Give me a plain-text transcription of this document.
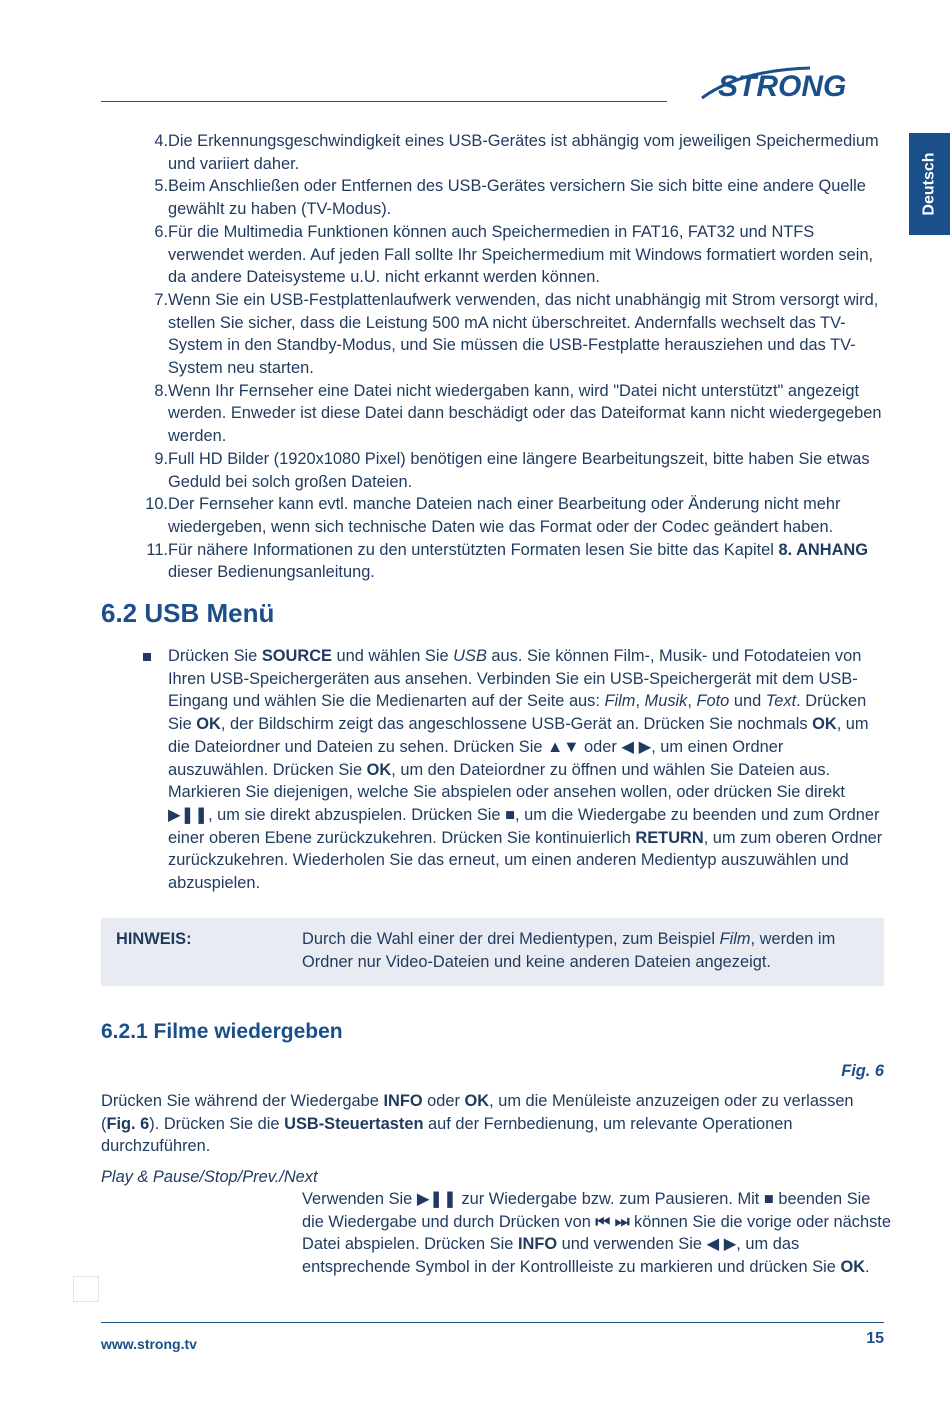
STRONG
Deutsch
4. Die Erkennungsgeschwindigkeit eines USB-Gerätes ist abhängig vom jeweiligen Speichermedium und variiert daher.
5. Beim Anschließen oder Entfernen des USB-Gerätes versichern Sie sich bitte eine andere Quelle gewählt zu haben (TV-Modus).
6. Für die Multimedia Funktionen können auch Speichermedien in FAT16, FAT32 und NTFS verwendet werden. Auf jeden Fall sollte Ihr Speichermedium mit Windows formatiert worden sein, da andere Dateisysteme u.U. nicht erkannt werden können.
7. Wenn Sie ein USB-Festplattenlaufwerk verwenden, das nicht unabhängig mit Strom versorgt wird, stellen Sie sicher, dass die Leistung 500 mA nicht überschreitet. Andernfalls wechselt das TV-System in den Standby-Modus, und Sie müssen die USB-Festplatte herausziehen und das TV-System neu starten.
8. Wenn Ihr Fernseher eine Datei nicht wiedergaben kann, wird "Datei nicht unterstützt" angezeigt werden. Enweder ist diese Datei dann beschädigt oder das Dateiformat kann nicht wiedergegeben werden.
9. Full HD Bilder (1920x1080 Pixel) benötigen eine längere Bearbeitungszeit, bitte haben Sie etwas Geduld bei solch großen Dateien.
10. Der Fernseher kann evtl. manche Dateien nach einer Bearbeitung oder Änderung nicht mehr wiedergeben, wenn sich technische Daten wie das Format oder der Codec geändert haben.
11. Für nähere Informationen zu den unterstützten Formaten lesen Sie bitte das Kapitel 8. ANHANG dieser Bedienungsanleitung.
6.2 USB Menü
Drücken Sie SOURCE und wählen Sie USB aus. Sie können Film-, Musik- und Fotodateien von Ihren USB-Speichergeräten aus ansehen. Verbinden Sie ein USB-Speichergerät mit dem USB-Eingang und wählen Sie die Medienarten auf der Seite aus: Film, Musik, Foto und Text. Drücken Sie OK, der Bildschirm zeigt das angeschlossene USB-Gerät an. Drücken Sie nochmals OK, um die Dateiordner und Dateien zu sehen. Drücken Sie ▲▼ oder ◀ ▶, um einen Ordner auszuwählen. Drücken Sie OK, um den Dateiordner zu öffnen und wählen Sie Dateien aus. Markieren Sie diejenigen, welche Sie abspielen oder ansehen wollen, oder drücken Sie direkt ▶❚❚, um sie direkt abzuspielen. Drücken Sie ■, um die Wiedergabe zu beenden und zum Ordner einer oberen Ebene zurückzukehren. Drücken Sie kontinuierlich RETURN, um zum oberen Ordner zurückzukehren. Wiederholen Sie das erneut, um einen anderen Medientyp auszuwählen und abzuspielen.
HINWEIS:	Durch die Wahl einer der drei Medientypen, zum Beispiel Film, werden im Ordner nur Video-Dateien und keine anderen Dateien angezeigt.
6.2.1 Filme wiedergeben
Fig. 6
Drücken Sie während der Wiedergabe INFO oder OK, um die Menüleiste anzuzeigen oder zu verlassen (Fig. 6). Drücken Sie die USB-Steuertasten auf der Fernbedienung, um relevante Operationen durchzuführen.
Play & Pause/Stop/Prev./Next
Verwenden Sie ▶❚❚ zur Wiedergabe bzw. zum Pausieren. Mit ■ beenden Sie die Wiedergabe und durch Drücken von ⏮ ⏭ können Sie die vorige oder nächste Datei abspielen. Drücken Sie INFO und verwenden Sie ◀ ▶, um das entsprechende Symbol in der Kontrollleiste zu markieren und drücken Sie OK.
www.strong.tv	15
